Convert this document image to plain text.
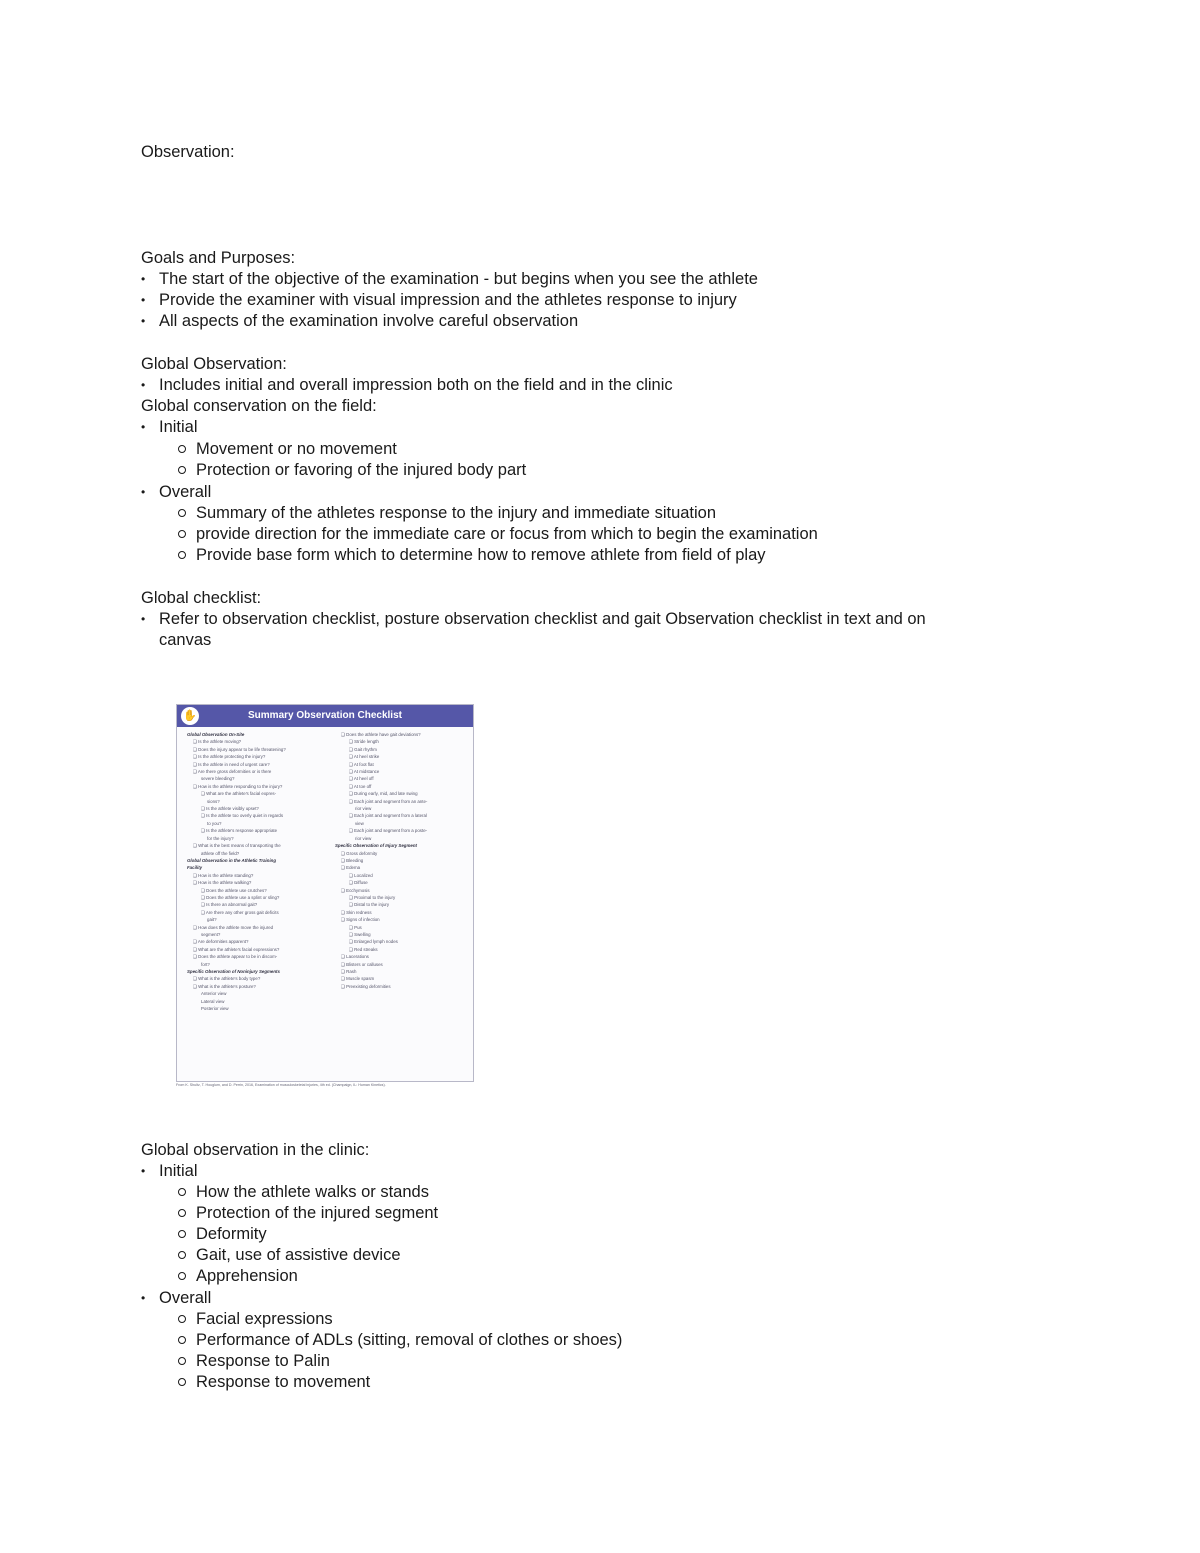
Observation:
Goals and Purposes:
• The start of the objective of the examination - but begins when you see the athlete
• Provide the examiner with visual impression and the athletes response to injury
• All aspects of the examination involve careful observation
Global Observation:
• Includes initial and overall impression both on the field and in the clinic
Global conservation on the field:
• Initial
Movement or no movement
Protection or favoring of the injured body part
• Overall
Summary of the athletes response to the injury and immediate situation
provide direction for the immediate care or focus from which to begin the examination
Provide base form which to determine how to remove athlete from field of play
Global checklist:
• Refer to observation checklist, posture observation checklist and gait Observation checklist in text and on
canvas
Summary Observation Checklist
✋
Global Observation On-Site
❑ Is the athlete moving?
❑ Does the injury appear to be life threatening?
❑ Is the athlete protecting the injury?
❑ Is the athlete in need of urgent care?
❑ Are there gross deformities or is there
severe bleeding?
❑ How is the athlete responding to the injury?
❑ What are the athlete's facial expres-
sions?
❑ Is the athlete visibly upset?
❑ Is the athlete too overly quiet in regards
to you?
❑ Is the athlete's response appropriate
for the injury?
❑ What is the best means of transporting the
athlete off the field?
Global Observation in the Athletic Training
Facility
❑ How is the athlete standing?
❑ How is the athlete walking?
❑ Does the athlete use crutches?
❑ Does the athlete use a splint or sling?
❑ Is there an abnormal gait?
❑ Are there any other gross gait deficits
gait?
❑ How does the athlete move the injured
segment?
❑ Are deformities apparent?
❑ What are the athlete's facial expressions?
❑ Does the athlete appear to be in discom-
fort?
Specific Observation of Noninjury Segments
❑ What is the athlete's body type?
❑ What is the athlete's posture?
Anterior view
Lateral view
Posterior view
❑ Does the athlete have gait deviations?
❑ Stride length
❑ Gait rhythm
❑ At heel strike
❑ At foot flat
❑ At midstance
❑ At heel off
❑ At toe off
❑ During early, mid, and late swing
❑ Each joint and segment from an ante-
rior view
❑ Each joint and segment from a lateral
view
❑ Each joint and segment from a poste-
rior view
Specific Observation of Injury Segment
❑ Gross deformity
❑ Bleeding
❑ Edema
❑ Localized
❑ Diffuse
❑ Ecchymosis
❑ Proximal to the injury
❑ Distal to the injury
❑ Skin redness
❑ Signs of infection
❑ Pus
❑ Swelling
❑ Enlarged lymph nodes
❑ Red streaks
❑ Lacerations
❑ Blisters or calluses
❑ Rash
❑ Muscle spasm
❑ Preexisting deformities
From K. Shultz, T. Houglum, and D. Perrin, 2016, Examination of musculoskeletal injuries, 4th ed. (Champaign, IL: Human Kinetics).
Global observation in the clinic:
• Initial
How the athlete walks or stands
Protection of the injured segment
Deformity
Gait, use of assistive device
Apprehension
• Overall
Facial expressions
Performance of ADLs (sitting, removal of clothes or shoes)
Response to Palin
Response to movement
